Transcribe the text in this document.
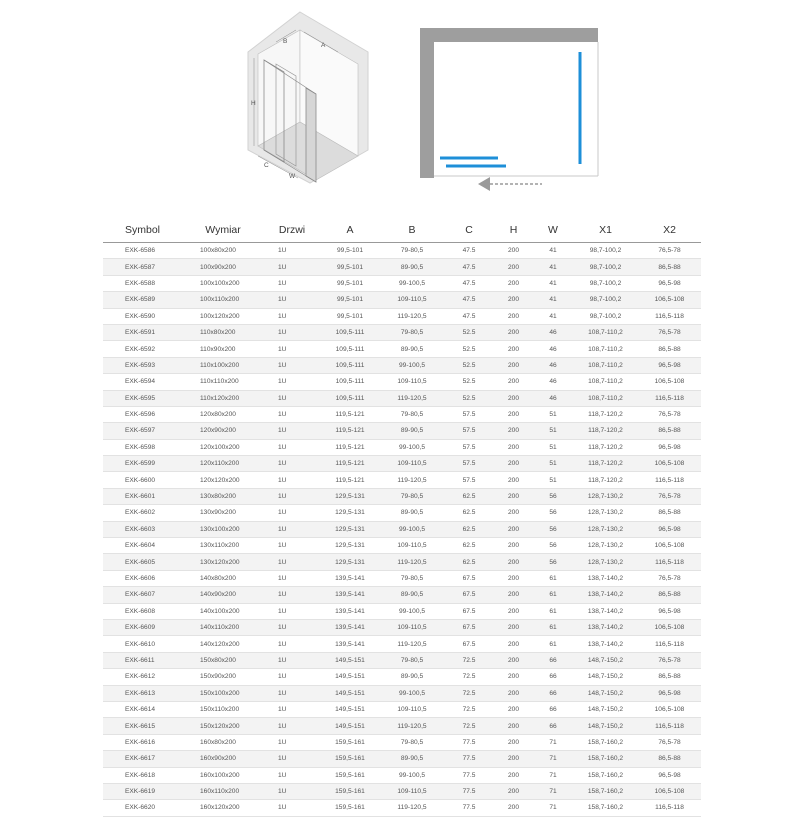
B
A
H
C
W
Symbol	Wymiar	Drzwi	A	B	C	H	W	X1	X2
EXK-6586	100x80x200	1U	99,5-101	79-80,5	47.5	200	41	98,7-100,2	76,5-78
EXK-6587	100x90x200	1U	99,5-101	89-90,5	47.5	200	41	98,7-100,2	86,5-88
EXK-6588	100x100x200	1U	99,5-101	99-100,5	47.5	200	41	98,7-100,2	96,5-98
EXK-6589	100x110x200	1U	99,5-101	109-110,5	47.5	200	41	98,7-100,2	106,5-108
EXK-6590	100x120x200	1U	99,5-101	119-120,5	47.5	200	41	98,7-100,2	116,5-118
EXK-6591	110x80x200	1U	109,5-111	79-80,5	52.5	200	46	108,7-110,2	76,5-78
EXK-6592	110x90x200	1U	109,5-111	89-90,5	52.5	200	46	108,7-110,2	86,5-88
EXK-6593	110x100x200	1U	109,5-111	99-100,5	52.5	200	46	108,7-110,2	96,5-98
EXK-6594	110x110x200	1U	109,5-111	109-110,5	52.5	200	46	108,7-110,2	106,5-108
EXK-6595	110x120x200	1U	109,5-111	119-120,5	52.5	200	46	108,7-110,2	116,5-118
EXK-6596	120x80x200	1U	119,5-121	79-80,5	57.5	200	51	118,7-120,2	76,5-78
EXK-6597	120x90x200	1U	119,5-121	89-90,5	57.5	200	51	118,7-120,2	86,5-88
EXK-6598	120x100x200	1U	119,5-121	99-100,5	57.5	200	51	118,7-120,2	96,5-98
EXK-6599	120x110x200	1U	119,5-121	109-110,5	57.5	200	51	118,7-120,2	106,5-108
EXK-6600	120x120x200	1U	119,5-121	119-120,5	57.5	200	51	118,7-120,2	116,5-118
EXK-6601	130x80x200	1U	129,5-131	79-80,5	62.5	200	56	128,7-130,2	76,5-78
EXK-6602	130x90x200	1U	129,5-131	89-90,5	62.5	200	56	128,7-130,2	86,5-88
EXK-6603	130x100x200	1U	129,5-131	99-100,5	62.5	200	56	128,7-130,2	96,5-98
EXK-6604	130x110x200	1U	129,5-131	109-110,5	62.5	200	56	128,7-130,2	106,5-108
EXK-6605	130x120x200	1U	129,5-131	119-120,5	62.5	200	56	128,7-130,2	116,5-118
EXK-6606	140x80x200	1U	139,5-141	79-80,5	67.5	200	61	138,7-140,2	76,5-78
EXK-6607	140x90x200	1U	139,5-141	89-90,5	67.5	200	61	138,7-140,2	86,5-88
EXK-6608	140x100x200	1U	139,5-141	99-100,5	67.5	200	61	138,7-140,2	96,5-98
EXK-6609	140x110x200	1U	139,5-141	109-110,5	67.5	200	61	138,7-140,2	106,5-108
EXK-6610	140x120x200	1U	139,5-141	119-120,5	67.5	200	61	138,7-140,2	116,5-118
EXK-6611	150x80x200	1U	149,5-151	79-80,5	72.5	200	66	148,7-150,2	76,5-78
EXK-6612	150x90x200	1U	149,5-151	89-90,5	72.5	200	66	148,7-150,2	86,5-88
EXK-6613	150x100x200	1U	149,5-151	99-100,5	72.5	200	66	148,7-150,2	96,5-98
EXK-6614	150x110x200	1U	149,5-151	109-110,5	72.5	200	66	148,7-150,2	106,5-108
EXK-6615	150x120x200	1U	149,5-151	119-120,5	72.5	200	66	148,7-150,2	116,5-118
EXK-6616	160x80x200	1U	159,5-161	79-80,5	77.5	200	71	158,7-160,2	76,5-78
EXK-6617	160x90x200	1U	159,5-161	89-90,5	77.5	200	71	158,7-160,2	86,5-88
EXK-6618	160x100x200	1U	159,5-161	99-100,5	77.5	200	71	158,7-160,2	96,5-98
EXK-6619	160x110x200	1U	159,5-161	109-110,5	77.5	200	71	158,7-160,2	106,5-108
EXK-6620	160x120x200	1U	159,5-161	119-120,5	77.5	200	71	158,7-160,2	116,5-118
